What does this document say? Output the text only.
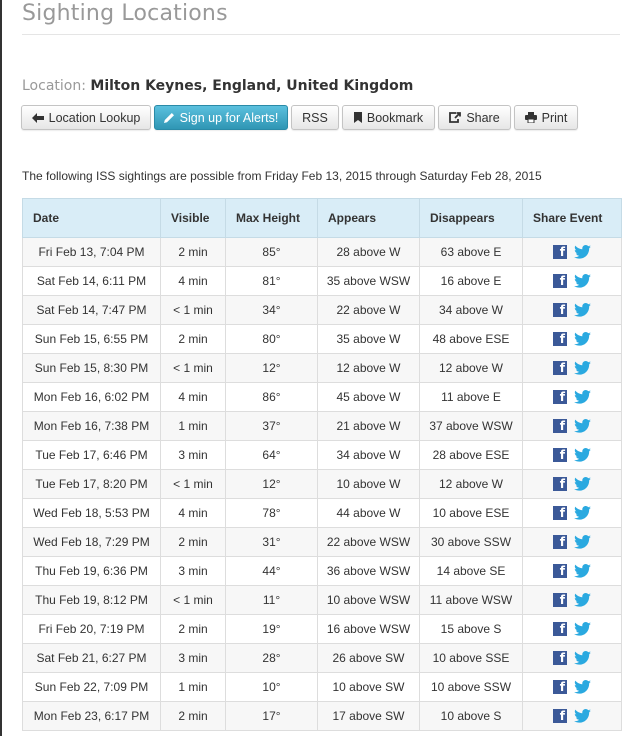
Sighting Locations
Location: Milton Keynes, England, United Kingdom
Location Lookup	Sign up for Alerts! RSS	Bookmark	Share	Print
The following ISS sightings are possible from Friday Feb 13, 2015 through Saturday Feb 28, 2015
Date	Visible	Max Height	Appears	Disappears	Share Event
Fri Feb 13, 7:04 PM	2 min	85°	28 above W	63 above E	f

Sat Feb 14, 6:11 PM	4 min	81°	35 above WSW	16 above E	f

Sat Feb 14, 7:47 PM	< 1 min	34°	22 above W	34 above W	f

Sun Feb 15, 6:55 PM	2 min	80°	35 above W	48 above ESE	f

Sun Feb 15, 8:30 PM	< 1 min	12°	12 above W	12 above W	f

Mon Feb 16, 6:02 PM	4 min	86°	45 above W	11 above E	f

Mon Feb 16, 7:38 PM	1 min	37°	21 above W	37 above WSW	f

Tue Feb 17, 6:46 PM	3 min	64°	34 above W	28 above ESE	f

Tue Feb 17, 8:20 PM	< 1 min	12°	10 above W	12 above W	f

Wed Feb 18, 5:53 PM	4 min	78°	44 above W	10 above ESE	f

Wed Feb 18, 7:29 PM	2 min	31°	22 above WSW	30 above SSW	f

Thu Feb 19, 6:36 PM	3 min	44°	36 above WSW	14 above SE	f

Thu Feb 19, 8:12 PM	< 1 min	11°	10 above WSW	11 above WSW	f

Fri Feb 20, 7:19 PM	2 min	19°	16 above WSW	15 above S	f

Sat Feb 21, 6:27 PM	3 min	28°	26 above SW	10 above SSE	f

Sun Feb 22, 7:09 PM	1 min	10°	10 above SW	10 above SSW	f

Mon Feb 23, 6:17 PM	2 min	17°	17 above SW	10 above S	f
